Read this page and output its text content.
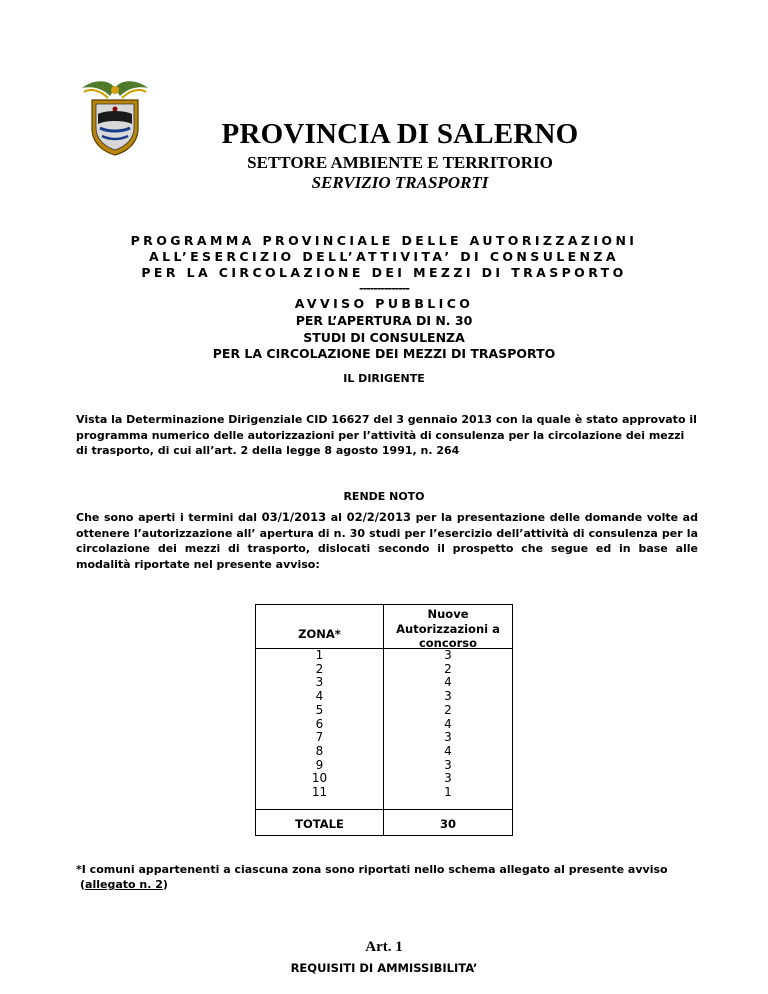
PROVINCIA DI SALERNO
SETTORE AMBIENTE E TERRITORIO
SERVIZIO TRASPORTI
PROGRAMMA PROVINCIALE DELLE AUTORIZZAZIONI
ALL’ESERCIZIO DELL’ATTIVITA’ DI CONSULENZA
PER LA CIRCOLAZIONE DEI MEZZI DI TRASPORTO
--------------
AVVISO PUBBLICO
PER L’APERTURA DI N. 30
STUDI DI CONSULENZA
PER LA CIRCOLAZIONE DEI MEZZI DI TRASPORTO
IL DIRIGENTE
Vista la Determinazione Dirigenziale CID 16627 del 3 gennaio 2013 con la quale è stato approvato il programma numerico delle autorizzazioni per l’attività di consulenza per la circolazione dei mezzi di trasporto, di cui all’art. 2 della legge 8 agosto 1991, n. 264
RENDE NOTO
Che sono aperti i termini dal 03/1/2013 al 02/2/2013 per la presentazione delle domande volte ad ottenere l’autorizzazione all’ apertura di n. 30 studi per l’esercizio dell’attività di consulenza per la circolazione dei mezzi di trasporto, dislocati secondo il prospetto che segue ed in base alle modalità riportate nel presente avviso:
ZONA*
Nuove
Autorizzazioni a
concorso
1
2
3
4
5
6
7
8
9
10
11
3
2
4
3
2
4
3
4
3
3
1
TOTALE	30
*I comuni appartenenti a ciascuna zona sono riportati nello schema allegato al presente avviso
(allegato n. 2)
Art. 1
REQUISITI DI AMMISSIBILITA’
